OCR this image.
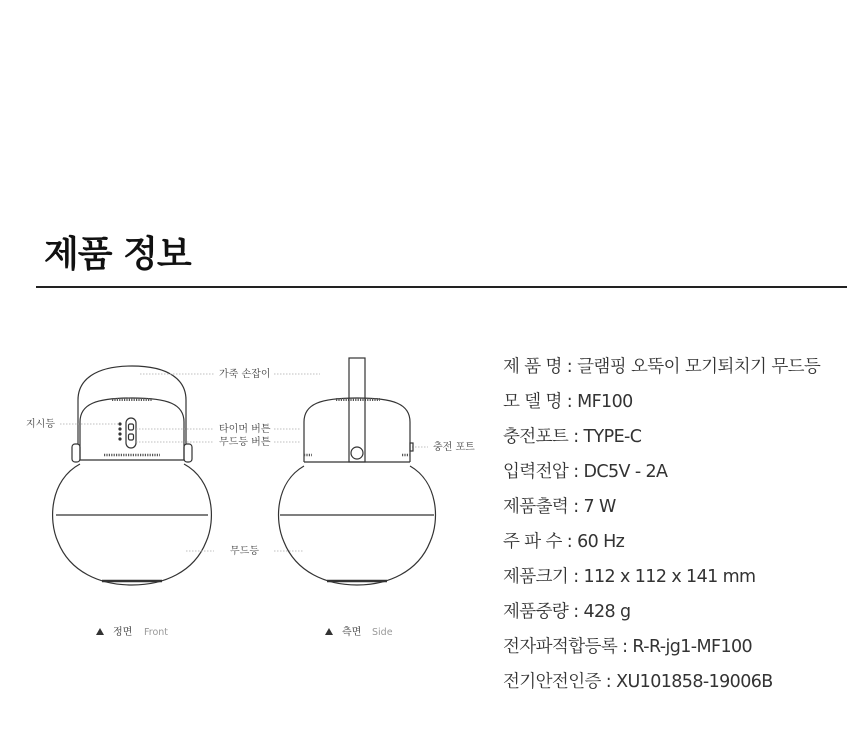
제품 정보
가죽 손잡이
지시등	타이머 버튼
무드등 버튼
무드등
충전 포트
정면 Front	측면 Side
제 품 명 : 글램핑 오뚝이 모기퇴치기 무드등
모 델 명 : MF100
충전포트 : TYPE-C
입력전압 : DC5V - 2A
제품출력 : 7 W
주 파 수 : 60 Hz
제품크기 : 112 x 112 x 141 mm
제품중량 : 428 g
전자파적합등록 : R-R-jg1-MF100
전기안전인증 : XU101858-19006B
